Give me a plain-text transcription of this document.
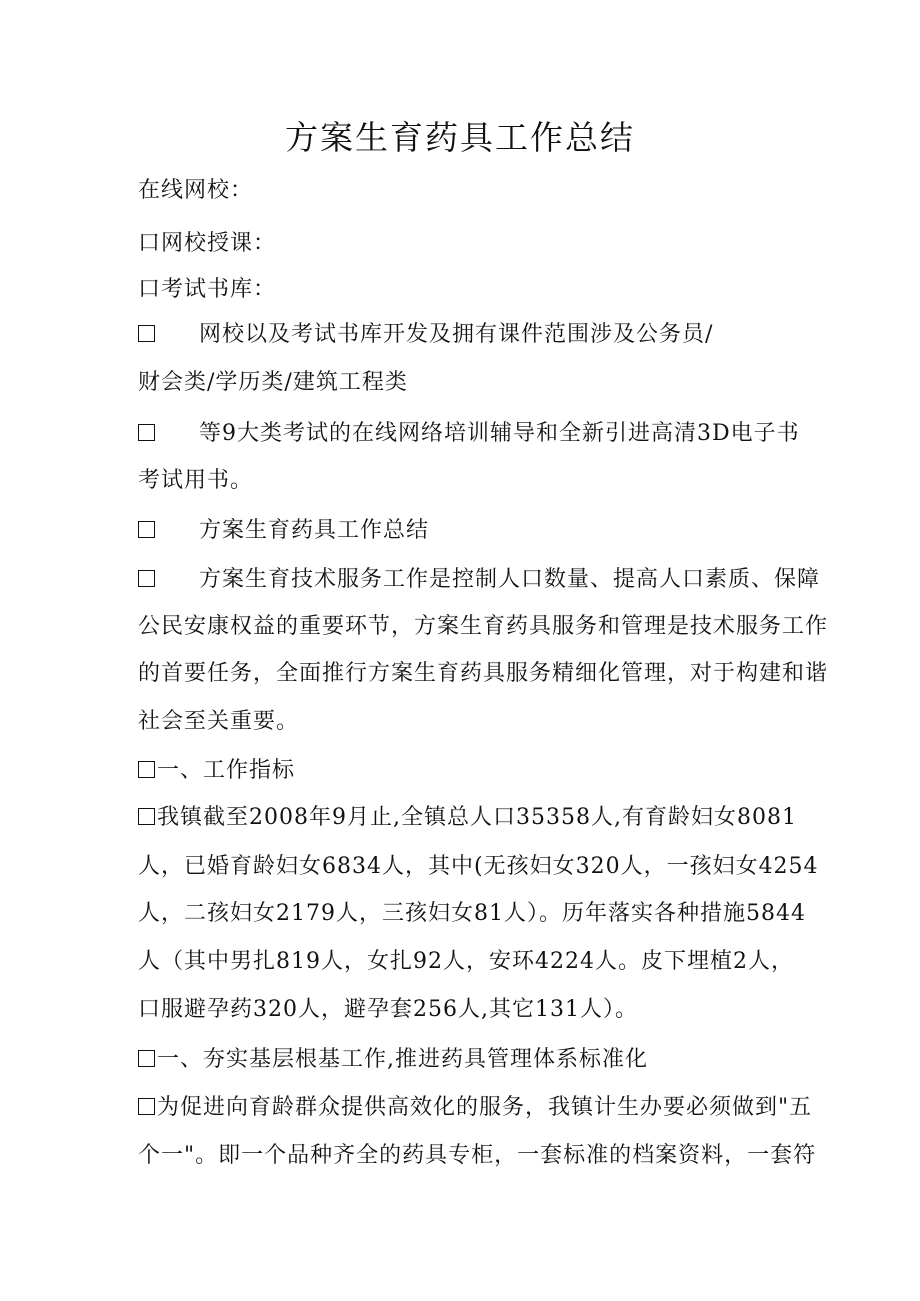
方案生育药具工作总结
在线网校：
口网校授课：
口考试书库：
网校以及考试书库开发及拥有课件范围涉及公务员/
财会类/学历类/建筑工程类
等9大类考试的在线网络培训辅导和全新引进高清3D电子书
考试用书。
方案生育药具工作总结
方案生育技术服务工作是控制人口数量、提高人口素质、保障
公民安康权益的重要环节，方案生育药具服务和管理是技术服务工作
的首要任务，全面推行方案生育药具服务精细化管理，对于构建和谐
社会至关重要。
一、工作指标
我镇截至2008年9月止,全镇总人口35358人,有育龄妇女8081
人，已婚育龄妇女6834人，其中(无孩妇女320人，一孩妇女4254
人，二孩妇女2179人，三孩妇女81人）。历年落实各种措施5844
人（其中男扎819人，女扎92人，安环4224人。皮下埋植2人，
口服避孕药320人，避孕套256人,其它131人）。
一、夯实基层根基工作,推进药具管理体系标准化
为促进向育龄群众提供高效化的服务，我镇计生办要必须做到"五
个一"。即一个品种齐全的药具专柜，一套标准的档案资料，一套符
